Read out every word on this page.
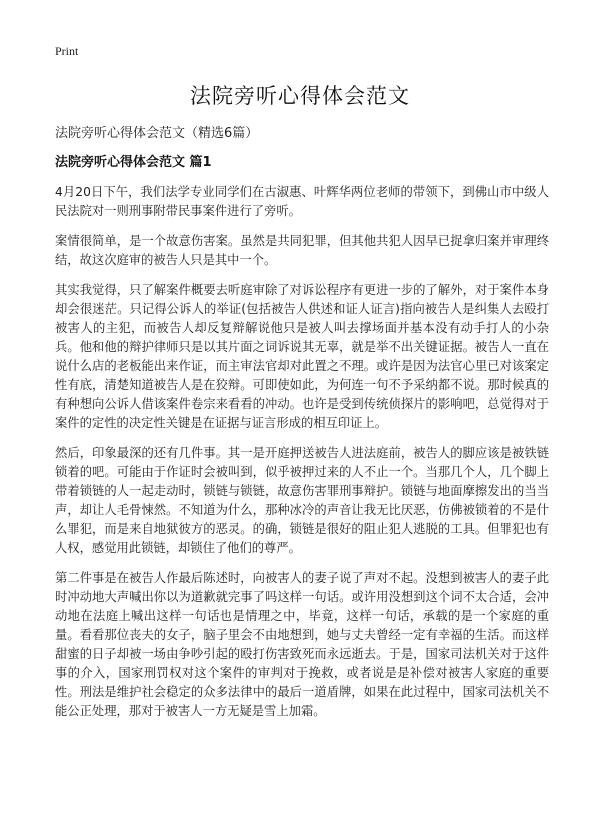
Print
法院旁听心得体会范文
法院旁听心得体会范文（精选6篇）
法院旁听心得体会范文 篇1

4月20日下午，我们法学专业同学们在古淑惠、叶辉华两位老师的带领下，到佛山市中级人民法院对一则刑事附带民事案件进行了旁听。

案情很简单，是一个故意伤害案。虽然是共同犯罪，但其他共犯人因早已捉拿归案并审理终结，故这次庭审的被告人只是其中一个。

其实我觉得，只了解案件概要去听庭审除了对诉讼程序有更进一步的了解外，对于案件本身却会很迷茫。只记得公诉人的举证(包括被告人供述和证人证言)指向被告人是纠集人去殴打被害人的主犯，而被告人却反复辩解说他只是被人叫去撑场面并基本没有动手打人的小杂兵。他和他的辩护律师只是以其片面之词诉说其无辜，就是举不出关键证据。被告人一直在说什么店的老板能出来作证，而主审法官却对此置之不理。或许是因为法官心里已对该案定性有底，清楚知道被告人是在狡辩。可即使如此，为何连一句不予采纳都不说。那时候真的有种想向公诉人借该案件卷宗来看看的冲动。也许是受到传统侦探片的影响吧，总觉得对于案件的定性的决定性关键是在证据与证言形成的相互印证上。

然后，印象最深的还有几件事。其一是开庭押送被告人进法庭前，被告人的脚应该是被铁链锁着的吧。可能由于作证时会被叫到，似乎被押过来的人不止一个。当那几个人，几个脚上带着锁链的人一起走动时，锁链与锁链，故意伤害罪刑事辩护。锁链与地面摩擦发出的当当声，却让人毛骨悚然。不知道为什么，那种冰冷的声音让我无比厌恶，仿佛被锁着的不是什么罪犯，而是来自地狱彼方的恶灵。的确，锁链是很好的阻止犯人逃脱的工具。但罪犯也有人权，感觉用此锁链，却锁住了他们的尊严。

第二件事是在被告人作最后陈述时，向被害人的妻子说了声对不起。没想到被害人的妻子此时冲动地大声喊出你以为道歉就完事了吗这样一句话。或许用没想到这个词不太合适，会冲动地在法庭上喊出这样一句话也是情理之中，毕竟，这样一句话，承载的是一个家庭的重量。看看那位丧夫的女子，脑子里会不由地想到，她与丈夫曾经一定有幸福的生活。而这样甜蜜的日子却被一场由争吵引起的殴打伤害致死而永远逝去。于是，国家司法机关对于这件事的介入，国家刑罚权对这个案件的审判对于挽救，或者说是是补偿对被害人家庭的重要性。刑法是维护社会稳定的众多法律中的最后一道盾牌，如果在此过程中，国家司法机关不能公正处理，那对于被害人一方无疑是雪上加霜。
